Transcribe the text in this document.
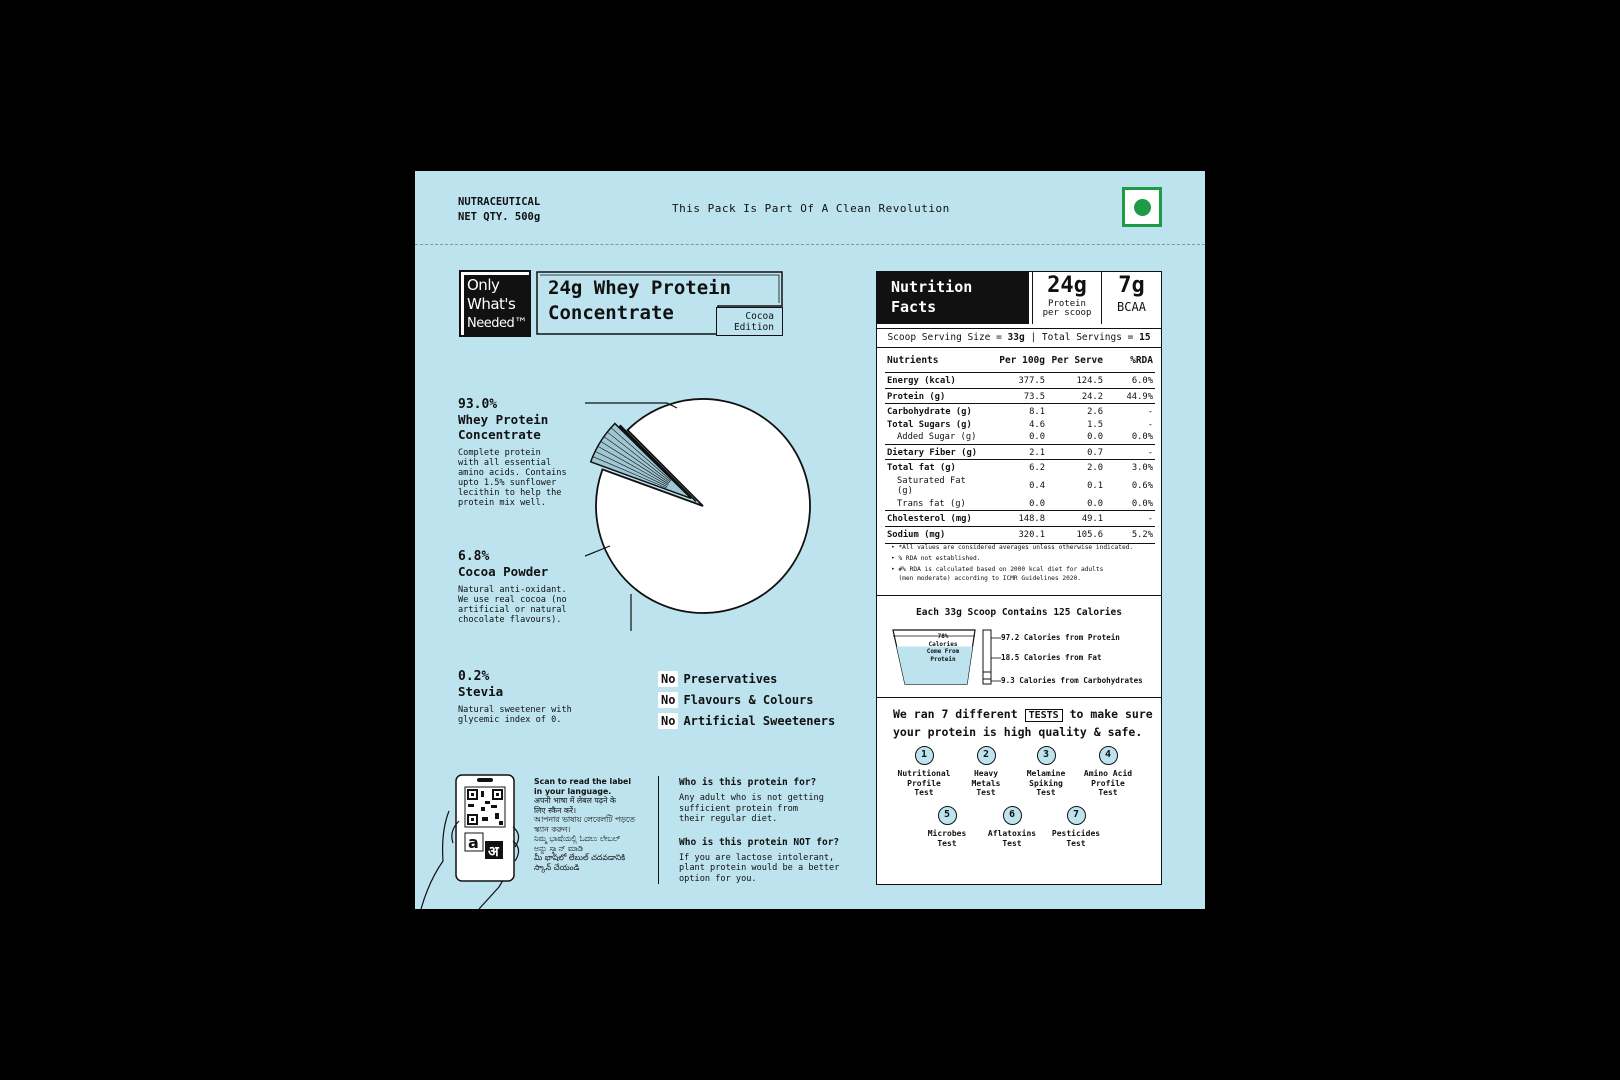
NUTRACEUTICAL
NET QTY. 500g
This Pack Is Part Of A Clean Revolution
Only
What's
Needed™
24g Whey Protein
Concentrate	Cocoa
Edition
93.0%
Whey Protein
Concentrate
Complete protein
with all essential
amino acids. Contains
upto 1.5% sunflower
lecithin to help the
protein mix well.
6.8%
Cocoa Powder
Natural anti-oxidant.
We use real cocoa (no
artificial or natural
chocolate flavours).
0.2%
Stevia
Natural sweetener with
glycemic index of 0.
No Preservatives
No Flavours & Colours
No Artificial Sweeteners
a अ
Scan to read the label
in your language.
अपनी भाषा में लेबल पढ़ने के
लिए स्कैन करें।
আপনার ভাষায় লেবেলটি পড়তে
স্ক্যান করুন।
ನಿಮ್ಮ ಭಾಷೆಯಲ್ಲಿ ಓದಲು ಲೇಬಲ್
ಅನ್ನು ಸ್ಕ್ಯಾನ್ ಮಾಡಿ
మీ భాషలో లేబుల్ చదవడానికి
స్కాన్ చేయండి
Who is this protein for?
Any adult who is not getting
sufficient protein from
their regular diet.
Who is this protein NOT for?
If you are lactose intolerant,
plant protein would be a better
option for you.
Nutrition
Facts
24g
Protein
per scoop
7g
BCAA
Scoop Serving Size = 33g | Total Servings = 15
Nutrients	Per 100g	Per Serve	%RDA
Energy (kcal)	377.5	124.5	6.0%
Protein (g)	73.5	24.2	44.9%
Carbohydrate (g)	8.1	2.6	-
Total Sugars (g)	4.6	1.5	-
Added Sugar (g)	0.0	0.0	0.0%
Dietary Fiber (g)	2.1	0.7	-
Total fat (g)	6.2	2.0	3.0%
Saturated Fat (g)	0.4	0.1	0.6%
Trans fat (g)	0.0	0.0	0.0%
Cholesterol (mg)	148.8	49.1	-
Sodium (mg)	320.1	105.6	5.2%
• *All values are considered averages unless otherwise indicated.
• % RDA not established.
• #% RDA is calculated based on 2000 kcal diet for adults
(men moderate) according to ICMR Guidelines 2020.
Each 33g Scoop Contains 125 Calories
78%
Calories
Come From
Protein
97.2 Calories from Protein
18.5 Calories from Fat
9.3 Calories from Carbohydrates
We ran 7 different TESTS to make sure
your protein is high quality & safe.
1
Nutritional
Profile
Test
2
Heavy
Metals
Test
3
Melamine
Spiking
Test
4
Amino Acid
Profile
Test
5
Microbes
Test
6
Aflatoxins
Test
7
Pesticides
Test
